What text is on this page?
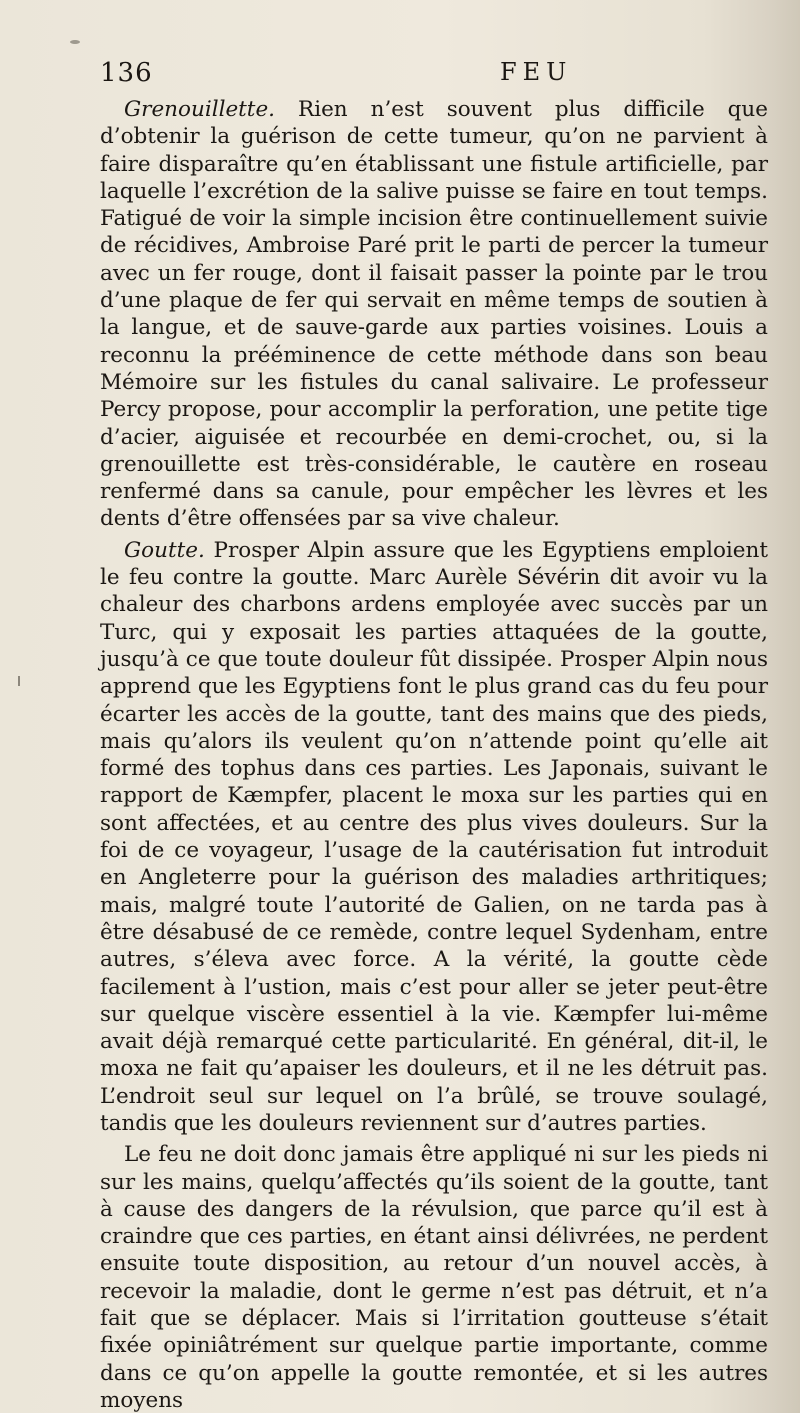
136	FEU

Grenouillette. Rien n’est souvent plus difficile que d’obtenir la guérison de cette tumeur, qu’on ne parvient à faire disparaître qu’en établissant une fistule artificielle, par laquelle l’excrétion de la salive puisse se faire en tout temps. Fatigué de voir la simple incision être continuellement suivie de récidives, Ambroise Paré prit le parti de percer la tumeur avec un fer rouge, dont il faisait passer la pointe par le trou d’une plaque de fer qui servait en même temps de soutien à la langue, et de sauve-garde aux parties voisines. Louis a reconnu la prééminence de cette méthode dans son beau Mémoire sur les fistules du canal salivaire. Le professeur Percy propose, pour accomplir la perforation, une petite tige d’acier, aiguisée et recourbée en demi-crochet, ou, si la grenouillette est très-considérable, le cautère en roseau renfermé dans sa canule, pour empêcher les lèvres et les dents d’être offensées par sa vive chaleur.

Goutte. Prosper Alpin assure que les Egyptiens emploient le feu contre la goutte. Marc Aurèle Sévérin dit avoir vu la chaleur des charbons ardens employée avec succès par un Turc, qui y exposait les parties attaquées de la goutte, jusqu’à ce que toute douleur fût dissipée. Prosper Alpin nous apprend que les Egyptiens font le plus grand cas du feu pour écarter les accès de la goutte, tant des mains que des pieds, mais qu’alors ils veulent qu’on n’attende point qu’elle ait formé des tophus dans ces parties. Les Japonais, suivant le rapport de Kæmpfer, placent le moxa sur les parties qui en sont affectées, et au centre des plus vives douleurs. Sur la foi de ce voyageur, l’usage de la cautérisation fut introduit en Angleterre pour la guérison des maladies arthritiques; mais, malgré toute l’autorité de Galien, on ne tarda pas à être désabusé de ce remède, contre lequel Sydenham, entre autres, s’éleva avec force. A la vérité, la goutte cède facilement à l’ustion, mais c’est pour aller se jeter peut-être sur quelque viscère essentiel à la vie. Kæmpfer lui-même avait déjà remarqué cette particularité. En général, dit-il, le moxa ne fait qu’apaiser les douleurs, et il ne les détruit pas. L’endroit seul sur lequel on l’a brûlé, se trouve soulagé, tandis que les douleurs reviennent sur d’autres parties.

Le feu ne doit donc jamais être appliqué ni sur les pieds ni sur les mains, quelqu’affectés qu’ils soient de la goutte, tant à cause des dangers de la révulsion, que parce qu’il est à craindre que ces parties, en étant ainsi délivrées, ne perdent ensuite toute disposition, au retour d’un nouvel accès, à recevoir la maladie, dont le germe n’est pas détruit, et n’a fait que se déplacer. Mais si l’irritation goutteuse s’était fixée opiniâtrément sur quelque partie importante, comme dans ce qu’on appelle la goutte remontée, et si les autres moyens
